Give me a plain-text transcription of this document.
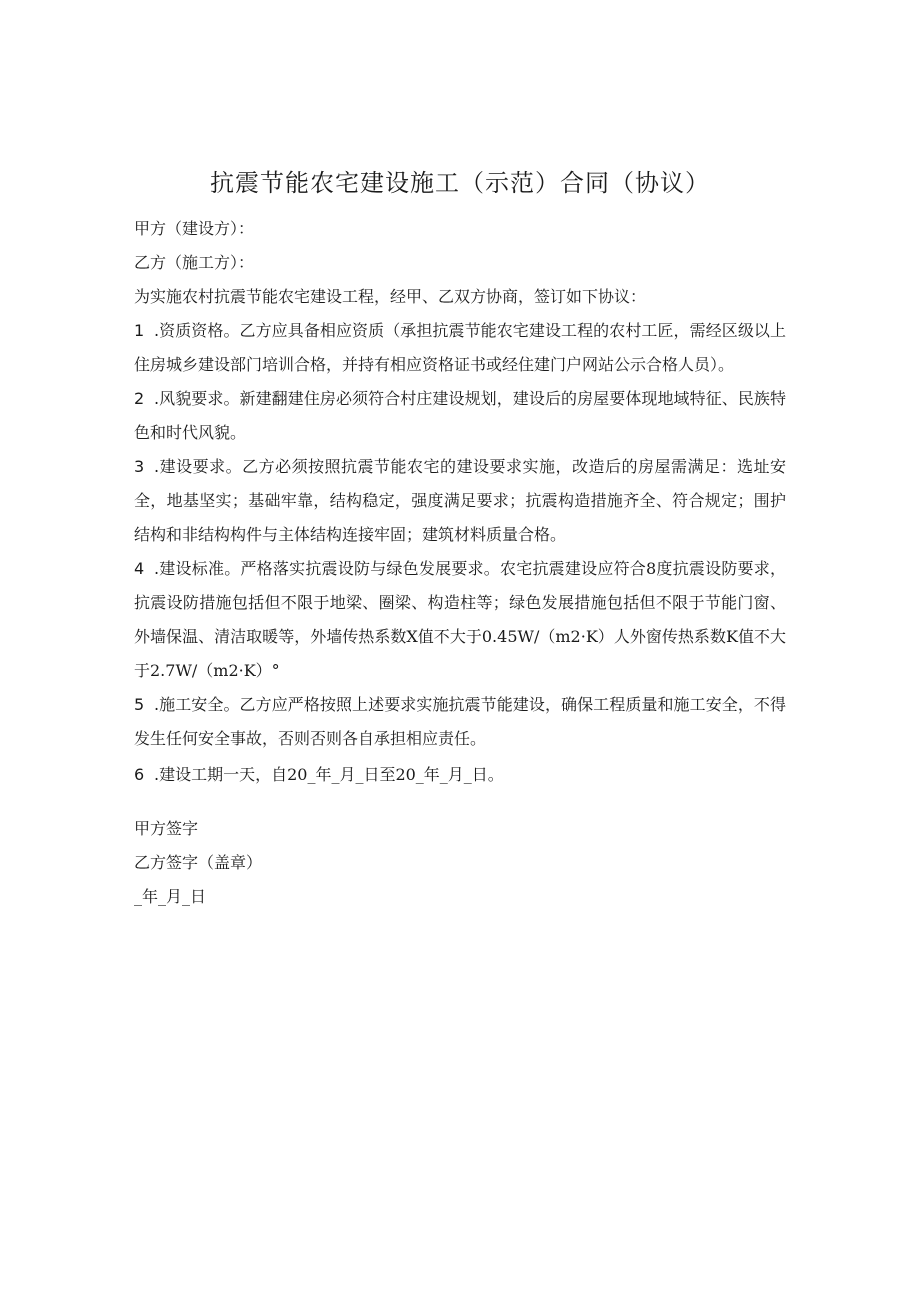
抗震节能农宅建设施工（示范）合同（协议）

甲方（建设方）：

乙方（施工方）：

为实施农村抗震节能农宅建设工程，经甲、乙双方协商，签订如下协议：

1 .资质资格。乙方应具备相应资质（承担抗震节能农宅建设工程的农村工匠，需经区级以上住房城乡建设部门培训合格，并持有相应资格证书或经住建门户网站公示合格人员）。

2 .风貌要求。新建翻建住房必须符合村庄建设规划，建设后的房屋要体现地域特征、民族特色和时代风貌。

3 .建设要求。乙方必须按照抗震节能农宅的建设要求实施，改造后的房屋需满足：选址安全，地基坚实；基础牢靠，结构稳定，强度满足要求；抗震构造措施齐全、符合规定；围护结构和非结构构件与主体结构连接牢固；建筑材料质量合格。

4 .建设标准。严格落实抗震设防与绿色发展要求。农宅抗震建设应符合8度抗震设防要求，抗震设防措施包括但不限于地梁、圈梁、构造柱等；绿色发展措施包括但不限于节能门窗、外墙保温、清洁取暖等，外墙传热系数X值不大于0.45W/（m2·K）人外窗传热系数K值不大于2.7W/（m2·K）°

5 .施工安全。乙方应严格按照上述要求实施抗震节能建设，确保工程质量和施工安全，不得发生任何安全事故，否则否则各自承担相应责任。

6 .建设工期一天，自20_年_月_日至20_年_月_日。

甲方签字

乙方签字（盖章）

_年_月_日
